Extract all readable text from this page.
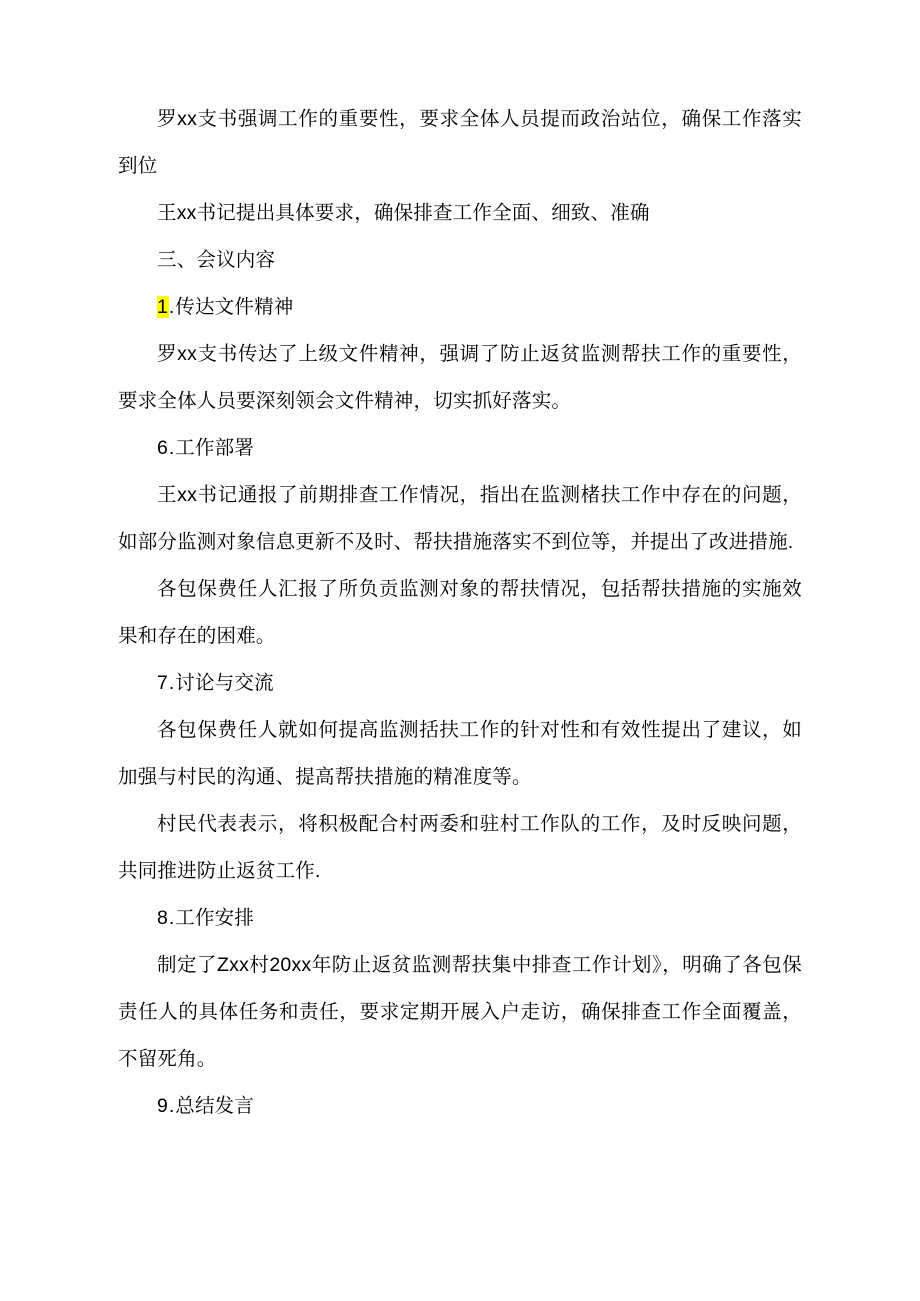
罗xx支书强调工作的重要性，要求全体人员提而政治站位，确保工作落实到位

王xx书记提出具体要求，确保排查工作全面、细致、准确

三、会议内容

1.传达文件精神

罗xx支书传达了上级文件精神，强调了防止返贫监测帮扶工作的重要性，要求全体人员要深刻领会文件精神，切实抓好落实。

6.工作部署

王xx书记通报了前期排查工作情况，指出在监测楮扶工作中存在的问题，如部分监测对象信息更新不及时、帮扶措施落实不到位等，并提出了改进措施.

各包保费任人汇报了所负贡监测对象的帮扶情况，包括帮扶措施的实施效果和存在的困难。

7.讨论与交流

各包保费任人就如何提高监测括扶工作的针对性和有效性提出了建议，如加强与村民的沟通、提高帮扶措施的精准度等。

村民代表表示，将积极配合村两委和驻村工作队的工作，及时反映问题，共同推进防止返贫工作.

8.工作安排

制定了Zxx村20xx年防止返贫监测帮扶集中排查工作计划》，明确了各包保责任人的具体任务和责任，要求定期开展入户走访，确保排查工作全面覆盖，不留死角。

9.总结发言
